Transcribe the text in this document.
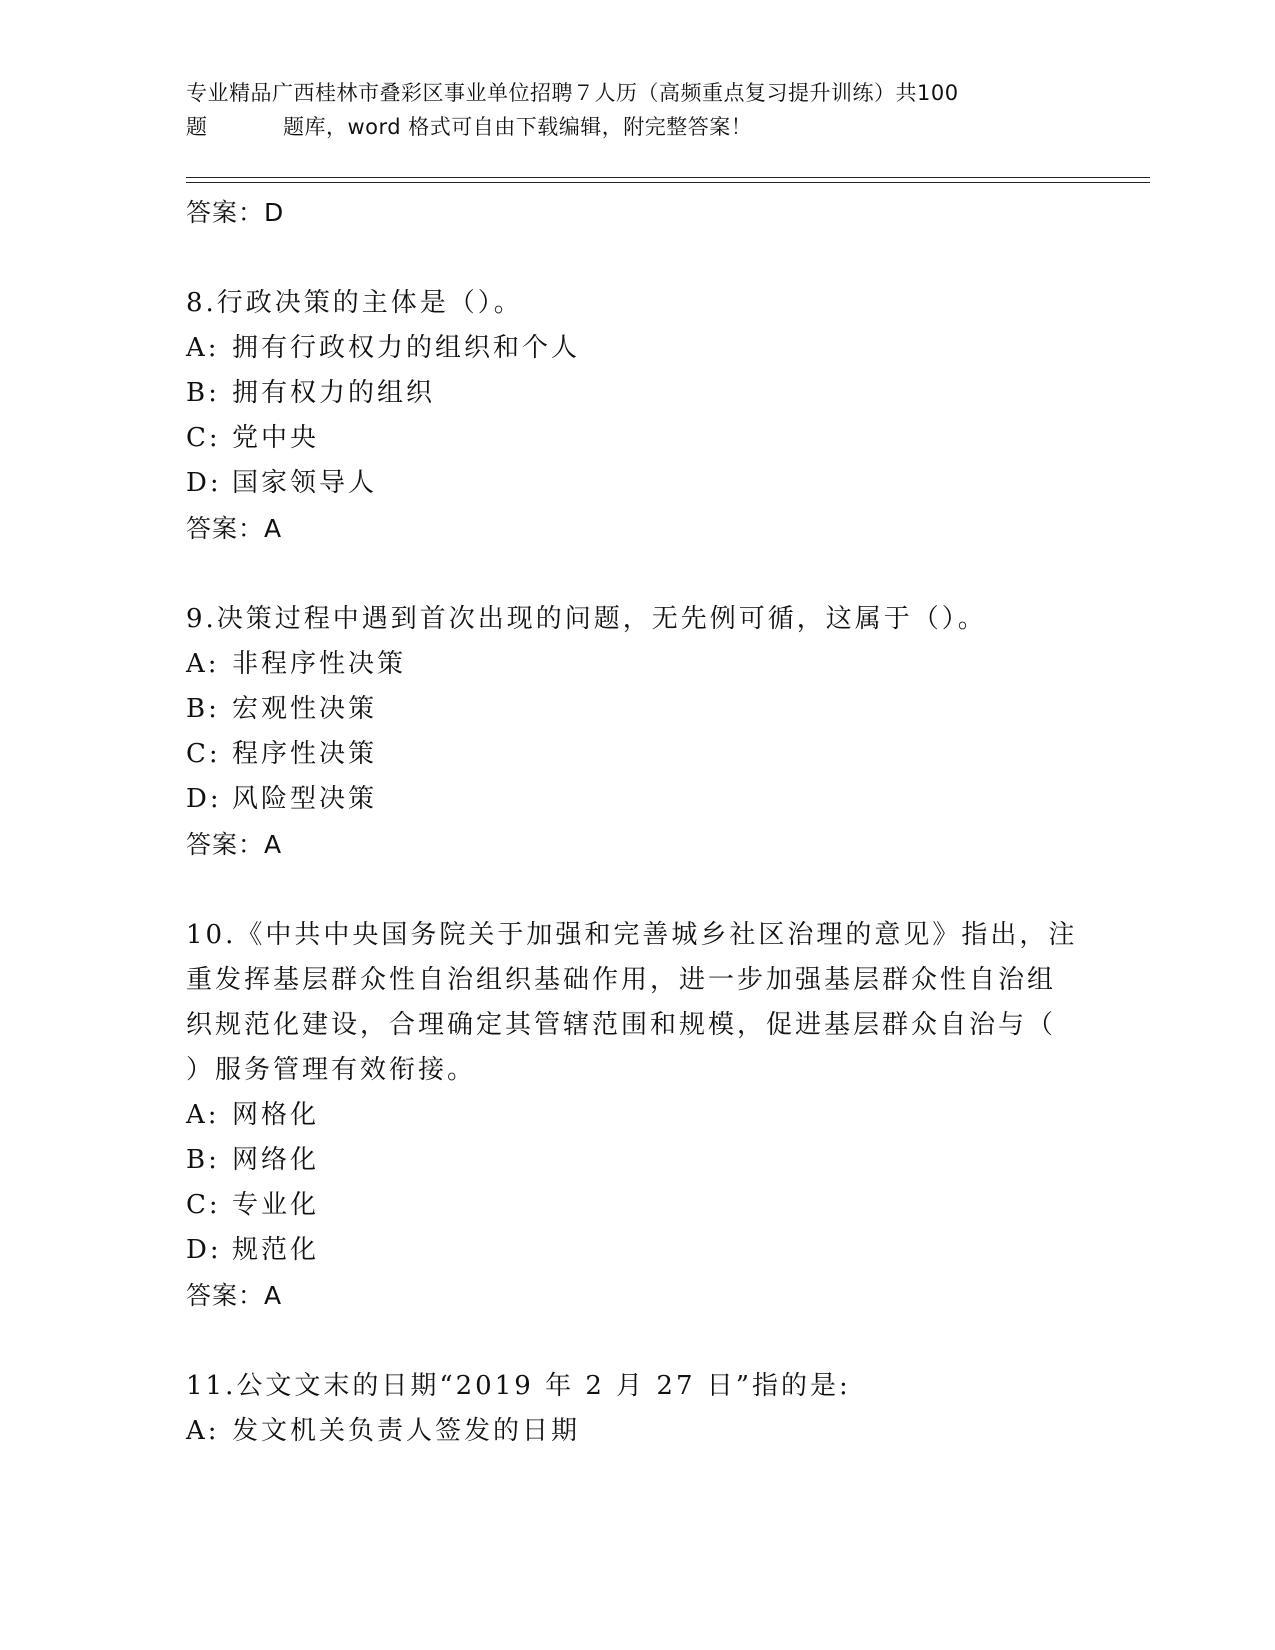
专业精品广西桂林市叠彩区事业单位招聘７人历（高频重点复习提升训练）共100
题	题库，word 格式可自由下载编辑，附完整答案！
答案：D
8.行政决策的主体是（）。
A: 拥有行政权力的组织和个人
B: 拥有权力的组织
C: 党中央
D: 国家领导人
答案：A
9.决策过程中遇到首次出现的问题，无先例可循，这属于（）。
A: 非程序性决策
B: 宏观性决策
C: 程序性决策
D: 风险型决策
答案：A
10.《中共中央国务院关于加强和完善城乡社区治理的意见》指出，注
重发挥基层群众性自治组织基础作用，进一步加强基层群众性自治组
织规范化建设，合理确定其管辖范围和规模，促进基层群众自治与（
）服务管理有效衔接。
A: 网格化
B: 网络化
C: 专业化
D: 规范化
答案：A
11.公文文末的日期“2019 年 2 月 27 日”指的是:
A: 发文机关负责人签发的日期
